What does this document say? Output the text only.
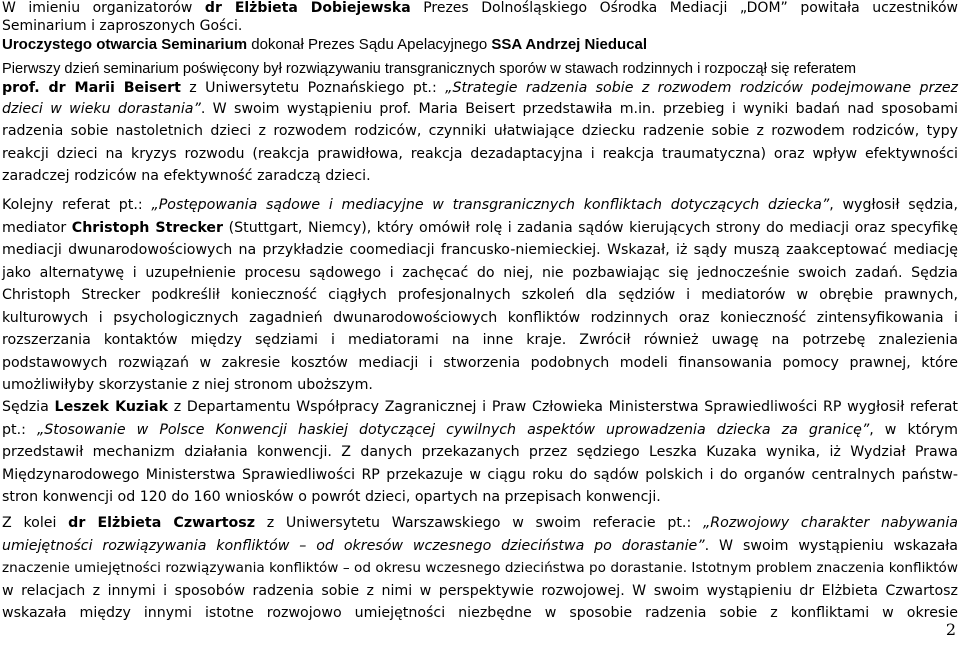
W imieniu organizatorów dr Elżbieta Dobiejewska Prezes Dolnośląskiego Ośrodka Mediacji „DOM” powitała uczestników
Seminarium i zaproszonych Gości.
Uroczystego otwarcia Seminarium dokonał Prezes Sądu Apelacyjnego SSA Andrzej Nieducal
Pierwszy dzień seminarium poświęcony był rozwiązywaniu transgranicznych sporów w stawach rodzinnych i rozpoczął się referatem
prof. dr Marii Beisert z Uniwersytetu Poznańskiego pt.: „Strategie radzenia sobie z rozwodem rodziców podejmowane przez
dzieci w wieku dorastania”. W swoim wystąpieniu prof. Maria Beisert przedstawiła m.in. przebieg i wyniki badań nad sposobami
radzenia sobie nastoletnich dzieci z rozwodem rodziców, czynniki ułatwiające dziecku radzenie sobie z rozwodem rodziców, typy
reakcji dzieci na kryzys rozwodu (reakcja prawidłowa, reakcja dezadaptacyjna i reakcja traumatyczna) oraz wpływ efektywności
zaradczej rodziców na efektywność zaradczą dzieci.
Kolejny referat pt.: „Postępowania sądowe i mediacyjne w transgranicznych konfliktach dotyczących dziecka”, wygłosił sędzia,
mediator Christoph Strecker (Stuttgart, Niemcy), który omówił rolę i zadania sądów kierujących strony do mediacji oraz specyfikę
mediacji dwunarodowościowych na przykładzie coomediacji francusko-niemieckiej. Wskazał, iż sądy muszą zaakceptować mediację
jako alternatywę i uzupełnienie procesu sądowego i zachęcać do niej, nie pozbawiając się jednocześnie swoich zadań. Sędzia
Christoph Strecker podkreślił konieczność ciągłych profesjonalnych szkoleń dla sędziów i mediatorów w obrębie prawnych,
kulturowych i psychologicznych zagadnień dwunarodowościowych konfliktów rodzinnych oraz konieczność zintensyfikowania i
rozszerzania kontaktów między sędziami i mediatorami na inne kraje. Zwrócił również uwagę na potrzebę znalezienia
podstawowych rozwiązań w zakresie kosztów mediacji i stworzenia podobnych modeli finansowania pomocy prawnej, które
umożliwiłyby skorzystanie z niej stronom uboższym.
Sędzia Leszek Kuziak z Departamentu Współpracy Zagranicznej i Praw Człowieka Ministerstwa Sprawiedliwości RP wygłosił referat
pt.: „Stosowanie w Polsce Konwencji haskiej dotyczącej cywilnych aspektów uprowadzenia dziecka za granicę”, w którym
przedstawił mechanizm działania konwencji. Z danych przekazanych przez sędziego Leszka Kuzaka wynika, iż Wydział Prawa
Międzynarodowego Ministerstwa Sprawiedliwości RP przekazuje w ciągu roku do sądów polskich i do organów centralnych państw-
stron konwencji od 120 do 160 wniosków o powrót dzieci, opartych na przepisach konwencji.
Z kolei dr Elżbieta Czwartosz z Uniwersytetu Warszawskiego w swoim referacie pt.: „Rozwojowy charakter nabywania
umiejętności rozwiązywania konfliktów – od okresów wczesnego dzieciństwa po dorastanie”. W swoim wystąpieniu wskazała
znaczenie umiejętności rozwiązywania konfliktów – od okresu wczesnego dzieciństwa po dorastanie. Istotnym problem znaczenia konfliktów
w relacjach z innymi i sposobów radzenia sobie z nimi w perspektywie rozwojowej. W swoim wystąpieniu dr Elżbieta Czwartosz
wskazała między innymi istotne rozwojowo umiejętności niezbędne w sposobie radzenia sobie z konfliktami w okresie
2
